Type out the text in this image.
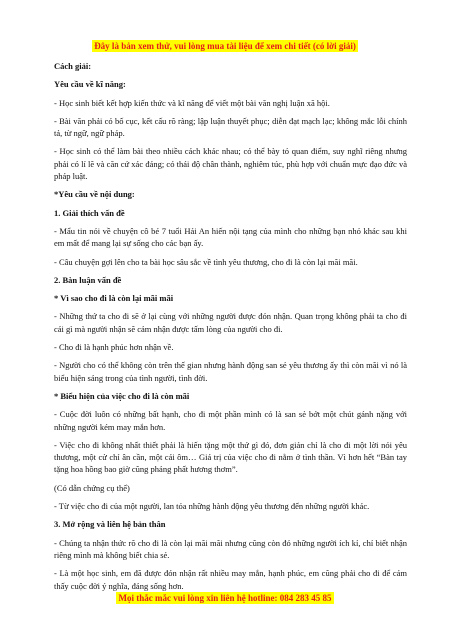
Đây là bản xem thử, vui lòng mua tài liệu để xem chi tiết (có lời giải)

Cách giải:

Yêu cầu về kĩ năng:

- Học sinh biết kết hợp kiến thức và kĩ năng để viết một bài văn nghị luận xã hội.

- Bài văn phải có bố cục, kết cấu rõ ràng; lập luận thuyết phục; diễn đạt mạch lạc; không mắc lỗi chính tả, từ ngữ, ngữ pháp.

- Học sinh có thể làm bài theo nhiều cách khác nhau; có thể bày tỏ quan điểm, suy nghĩ riêng nhưng phải có lí lẽ và căn cứ xác đáng; có thái độ chân thành, nghiêm túc, phù hợp với chuẩn mực đạo đức và pháp luật.

*Yêu cầu về nội dung:

1. Giải thích vấn đề

- Mẩu tin nói về chuyện cô bé 7 tuổi Hải An hiến nội tạng của mình cho những bạn nhỏ khác sau khi em mất để mang lại sự sống cho các bạn ấy.

- Câu chuyện gợi lên cho ta bài học sâu sắc về tình yêu thương, cho đi là còn lại mãi mãi.

2. Bàn luận vấn đề

* Vì sao cho đi là còn lại mãi mãi

- Những thứ ta cho đi sẽ ở lại cùng với những người được đón nhận. Quan trọng không phải ta cho đi cái gì mà người nhận sẽ cảm nhận được tấm lòng của người cho đi.

- Cho đi là hạnh phúc hơn nhận về.

- Người cho có thể không còn trên thế gian nhưng hành động san sẻ yêu thương ấy thì còn mãi vì nó là biểu hiện sáng trong của tình người, tình đời.

* Biểu hiện của việc cho đi là còn mãi

- Cuộc đời luôn có những bất hạnh, cho đi một phần mình có là san sẻ bớt một chút gánh nặng với những người kém may mắn hơn.

- Việc cho đi không nhất thiết phải là hiến tặng một thứ gì đó, đơn giản chỉ là cho đi một lời nói yêu thương, một cử chỉ ân cần, một cái ôm… Giá trị của việc cho đi nằm ở tình thần. Vì hơn hết “Bàn tay tặng hoa hồng bao giờ cũng phảng phất hương thơm”.

(Có dẫn chứng cụ thể)

- Từ việc cho đi của một người, lan tỏa những hành động yêu thương đến những người khác.

3. Mở rộng và liên hệ bản thân

- Chúng ta nhận thức rõ cho đi là còn lại mãi mãi nhưng cũng còn đó những người ích kỉ, chỉ biết nhận riêng mình mà không biết chia sẻ.

- Là một học sinh, em đã được đón nhận rất nhiều may mắn, hạnh phúc, em cũng phải cho đi để cảm thấy cuộc đời ý nghĩa, đáng sống hơn.

Mọi thắc mắc vui lòng xin liên hệ hotline: 084 283 45 85
